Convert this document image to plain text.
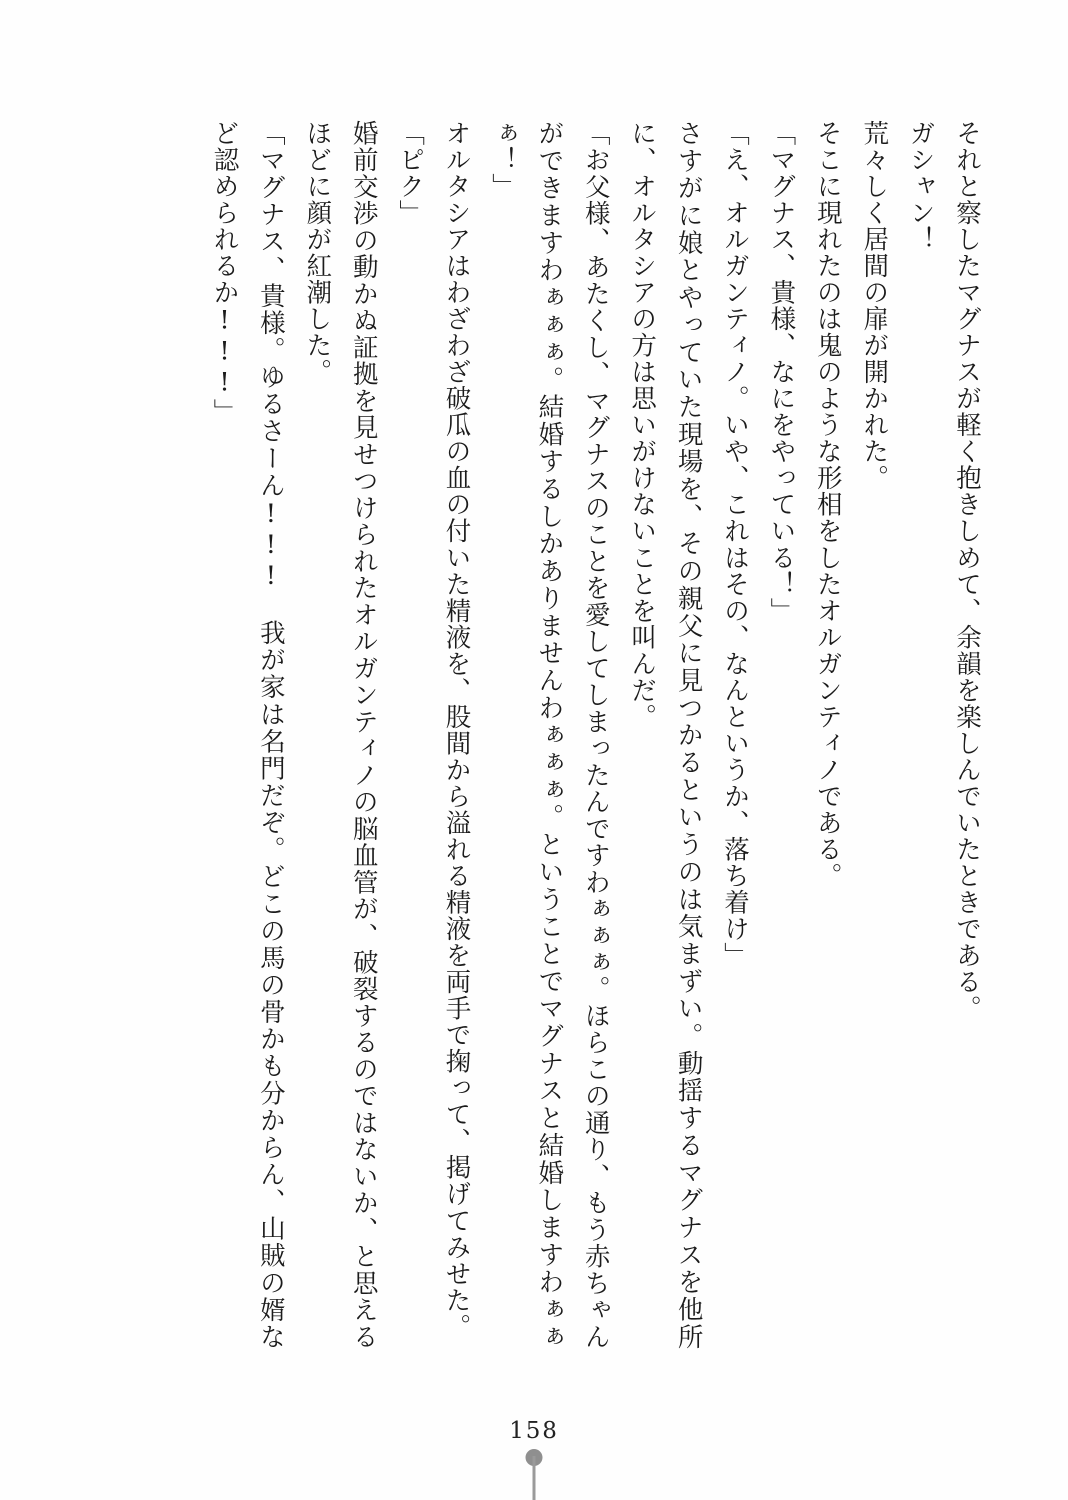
それと察したマグナスが軽く抱きしめて、余韻を楽しんでいたときである。

ガシャン！

荒々しく居間の扉が開かれた。

そこに現れたのは鬼のような形相をしたオルガンティノである。

「マグナス、貴様、なにをやっている！」

「え、オルガンティノ。いや、これはその、なんというか、落ち着け」

さすがに娘とやっていた現場を、その親父に見つかるというのは気まずい。動揺するマグナスを他所に、オルタシアの方は思いがけないことを叫んだ。

「お父様、あたくし、マグナスのことを愛してしまったんですわぁぁぁ。ほらこの通り、もう赤ちゃんができますわぁぁぁ。結婚するしかありませんわぁぁぁ。ということでマグナスと結婚しますわぁぁぁ！」

オルタシアはわざわざ破瓜の血の付いた精液を、股間から溢れる精液を両手で掬って、掲げてみせた。

「ピク」

婚前交渉の動かぬ証拠を見せつけられたオルガンティノの脳血管が、破裂するのではないか、と思えるほどに顔が紅潮した。

「マグナス、貴様。ゆるさーん!!!　我が家は名門だぞ。どこの馬の骨かも分からん、山賊の婿など認められるか!!!」

158
